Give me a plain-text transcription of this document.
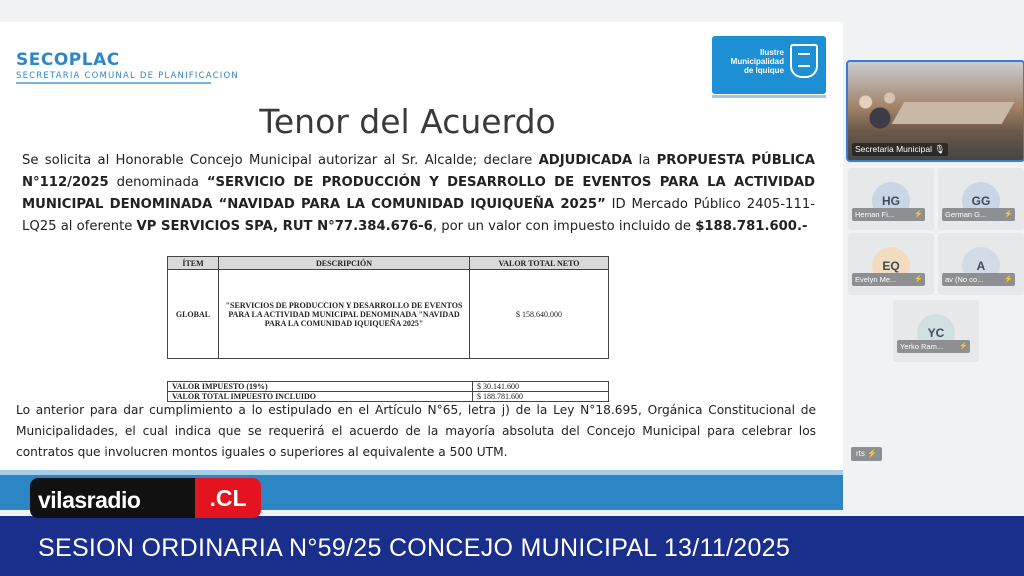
SECOPLAC
SECRETARIA COMUNAL DE PLANIFICACION
Ilustre
Municipalidad
de Iquique
Tenor del Acuerdo
Se solicita al Honorable Concejo Municipal autorizar al Sr. Alcalde; declare ADJUDICADA la PROPUESTA PÚBLICA N°112/2025 denominada “SERVICIO DE PRODUCCIÓN Y DESARROLLO DE EVENTOS PARA LA ACTIVIDAD MUNICIPAL DENOMINADA “NAVIDAD PARA LA COMUNIDAD IQUIQUEÑA 2025” ID Mercado Público 2405-111-LQ25 al oferente VP SERVICIOS SPA, RUT N°77.384.676-6, por un valor con impuesto incluido de $188.781.600.-
ÍTEM	DESCRIPCIÓN	VALOR TOTAL NETO
GLOBAL	"SERVICIOS DE PRODUCCION Y DESARROLLO DE EVENTOS PARA LA ACTIVIDAD MUNICIPAL DENOMINADA "NAVIDAD PARA LA COMUNIDAD IQUIQUEÑA 2025"	$ 158.640.000
VALOR IMPUESTO (19%)	$ 30.141.600
VALOR TOTAL IMPUESTO INCLUIDO	$ 188.781.600
Lo anterior para dar cumplimiento a lo estipulado en el Artículo N°65, letra j) de la Ley N°18.695, Orgánica Constitucional de Municipalidades, el cual indica que se requerirá el acuerdo de la mayoría absoluta del Concejo Municipal para celebrar los contratos que involucren montos iguales o superiores al equivalente a 500 UTM.
Secretaria Municipal 🎙
HG
Hernan Fi...	⚡
GG
German G...	⚡
EQ
Evelyn Me...	⚡
A
av (No co...	⚡
YC
Yerko Ram... ⚡
rts ⚡
SESION ORDINARIA N°59/25 CONCEJO MUNICIPAL 13/11/2025
vilasradio	.CL
